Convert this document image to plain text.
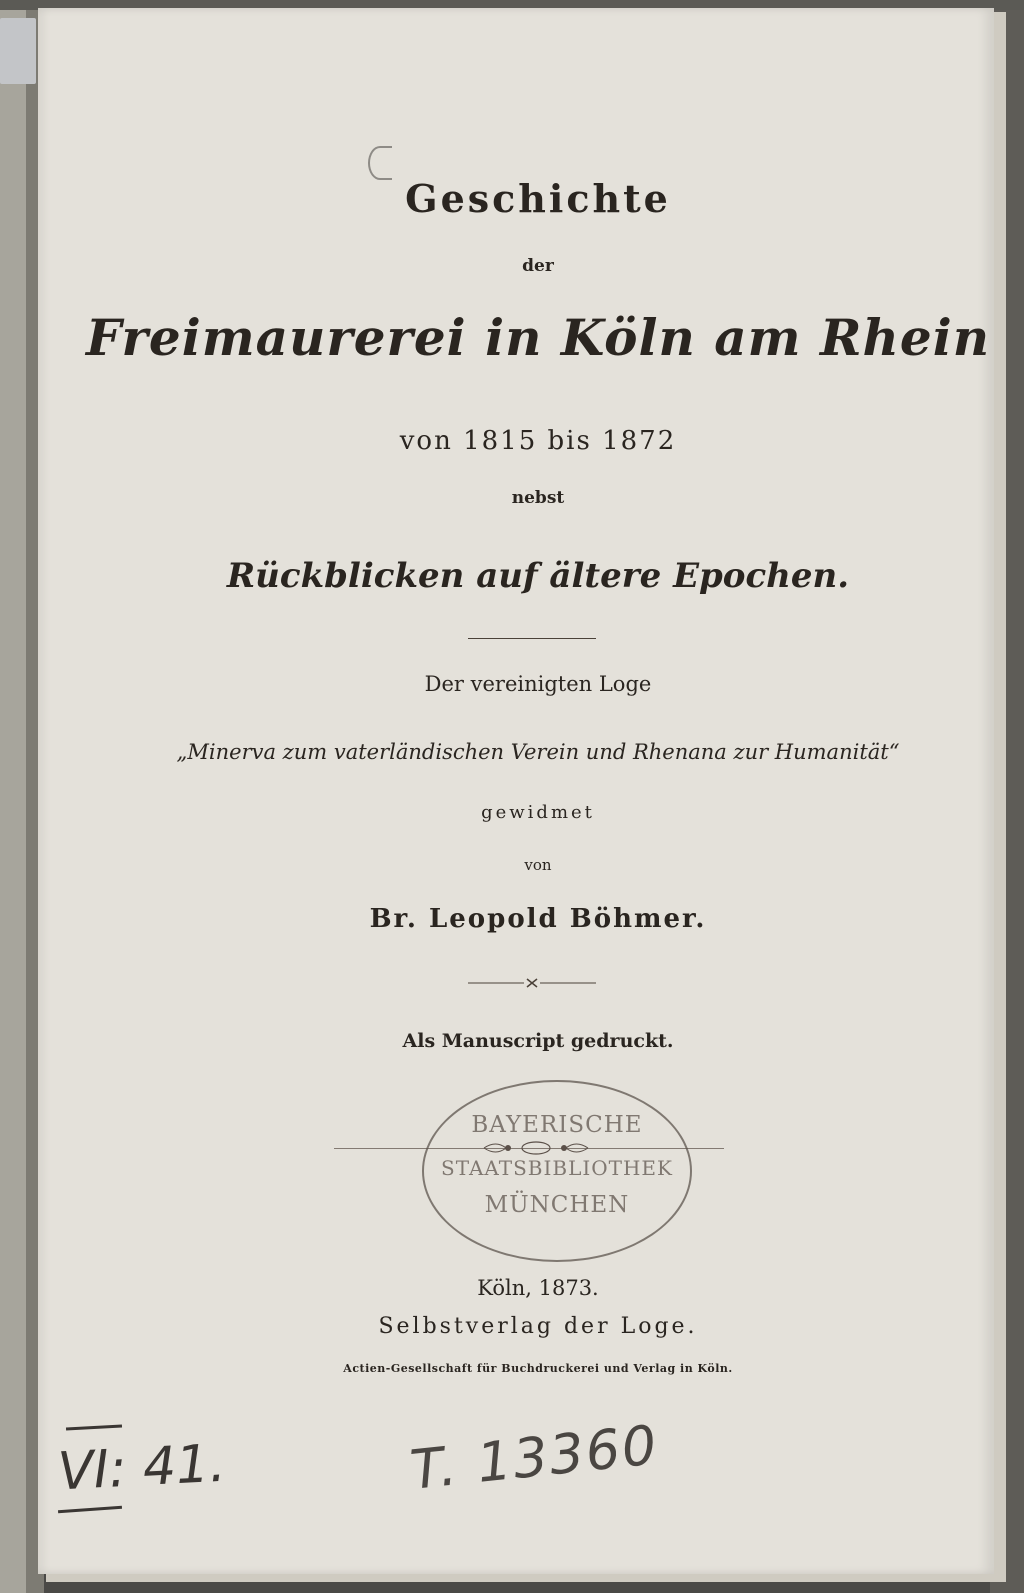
Geschichte
der
Freimaurerei in Köln am Rhein
von 1815 bis 1872
nebst
Rückblicken auf ältere Epochen.
Der vereinigten Loge
„Minerva zum vaterländischen Verein und Rhenana zur Humanität“
gewidmet
von
Br. Leopold Böhmer.
Als Manuscript gedruckt.
BAYERISCHE
STAATSBIBLIOTHEK
MÜNCHEN
Köln, 1873.
Selbstverlag der Loge.
Actien-Gesellschaft für Buchdruckerei und Verlag in Köln.
VI: 41.	T. 13360
